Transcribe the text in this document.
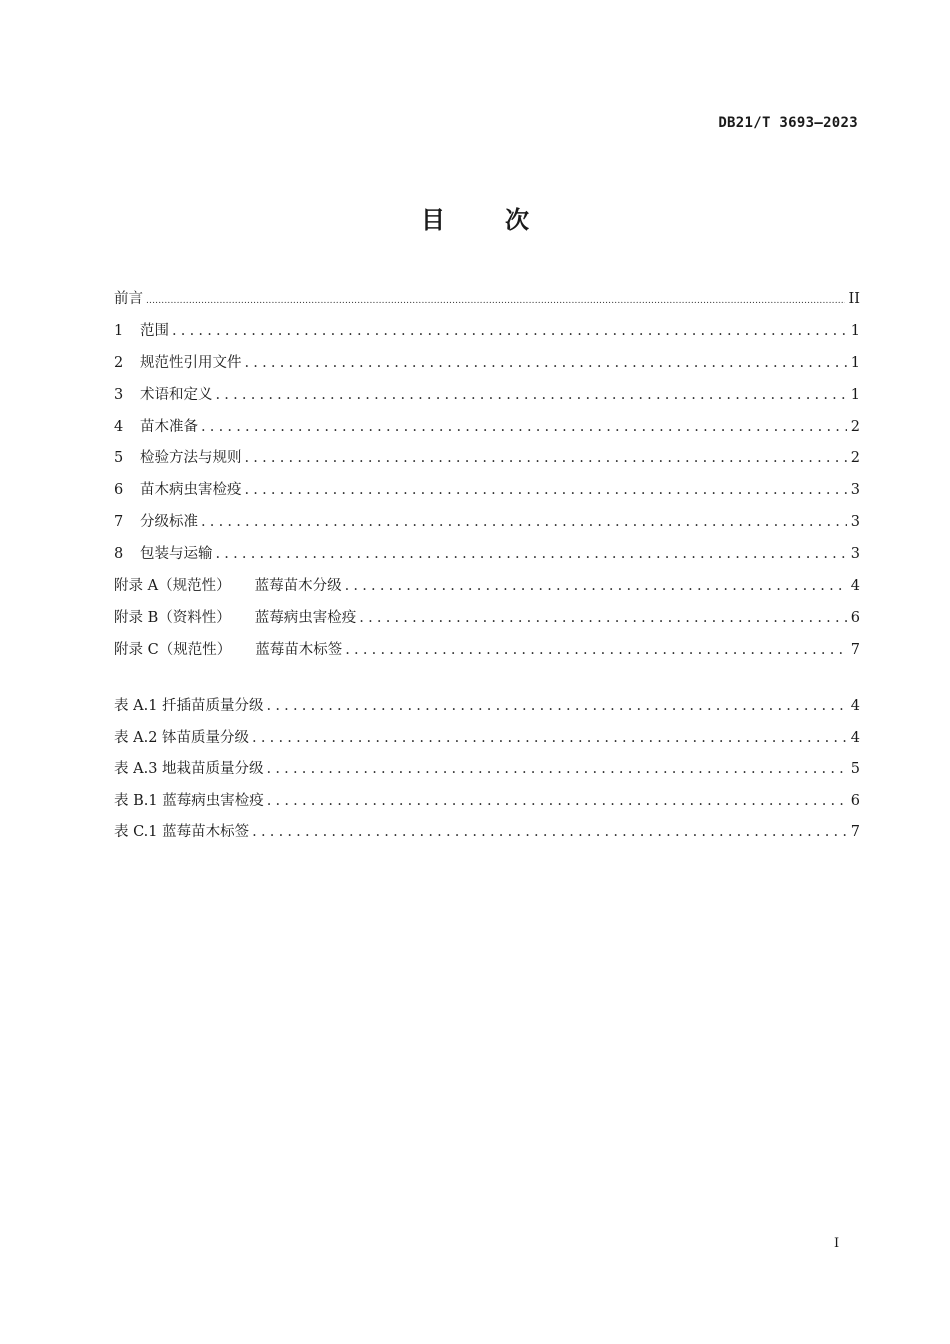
DB21/T 3693—2023
目次
前言 .....	II
1 范围 .....	1
2 规范性引用文件 .....	1
3 术语和定义 .....	1
4 苗木准备 .....	2
5 检验方法与规则 .....	2
6 苗木病虫害检疫 .....	3
7 分级标准 .....	3
8 包装与运输 .....	3
附录 A（规范性） 蓝莓苗木分级 .....	4
附录 B（资料性） 蓝莓病虫害检疫 .....	6
附录 C（规范性） 蓝莓苗木标签 .....	7
表 A.1 扦插苗质量分级 .....	4
表 A.2 钵苗质量分级 .....	4
表 A.3 地栽苗质量分级 .....	5
表 B.1 蓝莓病虫害检疫 .....	6
表 C.1 蓝莓苗木标签 .....	7
I
